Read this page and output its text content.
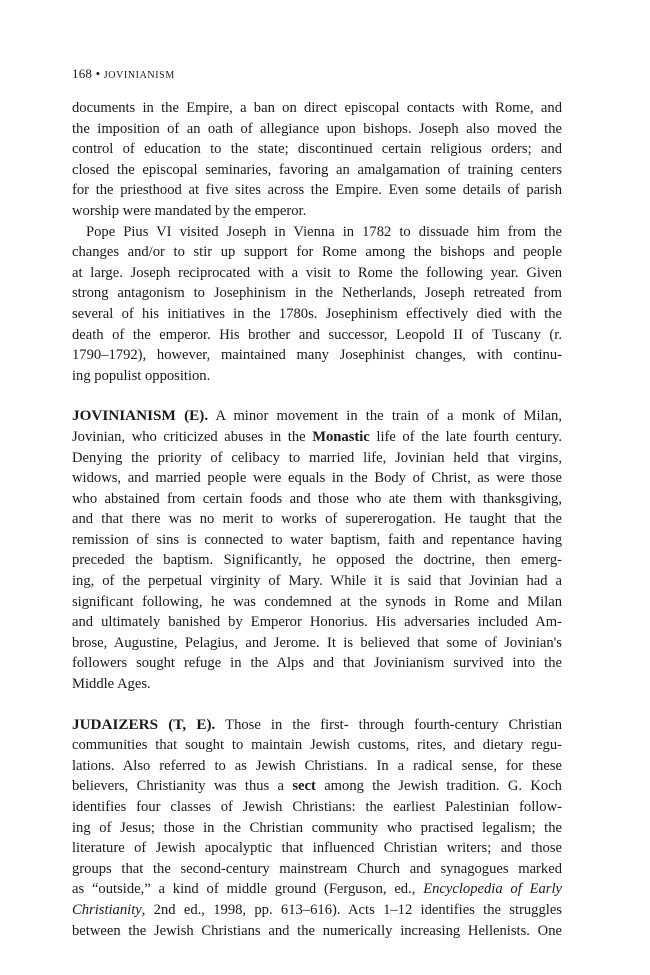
168 • JOVINIANISM
documents in the Empire, a ban on direct episcopal contacts with Rome, and
the imposition of an oath of allegiance upon bishops. Joseph also moved the
control of education to the state; discontinued certain religious orders; and
closed the episcopal seminaries, favoring an amalgamation of training centers
for the priesthood at five sites across the Empire. Even some details of parish
worship were mandated by the emperor.
Pope Pius VI visited Joseph in Vienna in 1782 to dissuade him from the
changes and/or to stir up support for Rome among the bishops and people
at large. Joseph reciprocated with a visit to Rome the following year. Given
strong antagonism to Josephinism in the Netherlands, Joseph retreated from
several of his initiatives in the 1780s. Josephinism effectively died with the
death of the emperor. His brother and successor, Leopold II of Tuscany (r.
1790–1792), however, maintained many Josephinist changes, with continu-
ing populist opposition.
JOVINIANISM (E). A minor movement in the train of a monk of Milan,
Jovinian, who criticized abuses in the Monastic life of the late fourth century.
Denying the priority of celibacy to married life, Jovinian held that virgins,
widows, and married people were equals in the Body of Christ, as were those
who abstained from certain foods and those who ate them with thanksgiving,
and that there was no merit to works of supererogation. He taught that the
remission of sins is connected to water baptism, faith and repentance having
preceded the baptism. Significantly, he opposed the doctrine, then emerg-
ing, of the perpetual virginity of Mary. While it is said that Jovinian had a
significant following, he was condemned at the synods in Rome and Milan
and ultimately banished by Emperor Honorius. His adversaries included Am-
brose, Augustine, Pelagius, and Jerome. It is believed that some of Jovinian's
followers sought refuge in the Alps and that Jovinianism survived into the
Middle Ages.
JUDAIZERS (T, E). Those in the first- through fourth-century Christian
communities that sought to maintain Jewish customs, rites, and dietary regu-
lations. Also referred to as Jewish Christians. In a radical sense, for these
believers, Christianity was thus a sect among the Jewish tradition. G. Koch
identifies four classes of Jewish Christians: the earliest Palestinian follow-
ing of Jesus; those in the Christian community who practised legalism; the
literature of Jewish apocalyptic that influenced Christian writers; and those
groups that the second-century mainstream Church and synagogues marked
as “outside,” a kind of middle ground (Ferguson, ed., Encyclopedia of Early
Christianity, 2nd ed., 1998, pp. 613–616). Acts 1–12 identifies the struggles
between the Jewish Christians and the numerically increasing Hellenists. One
